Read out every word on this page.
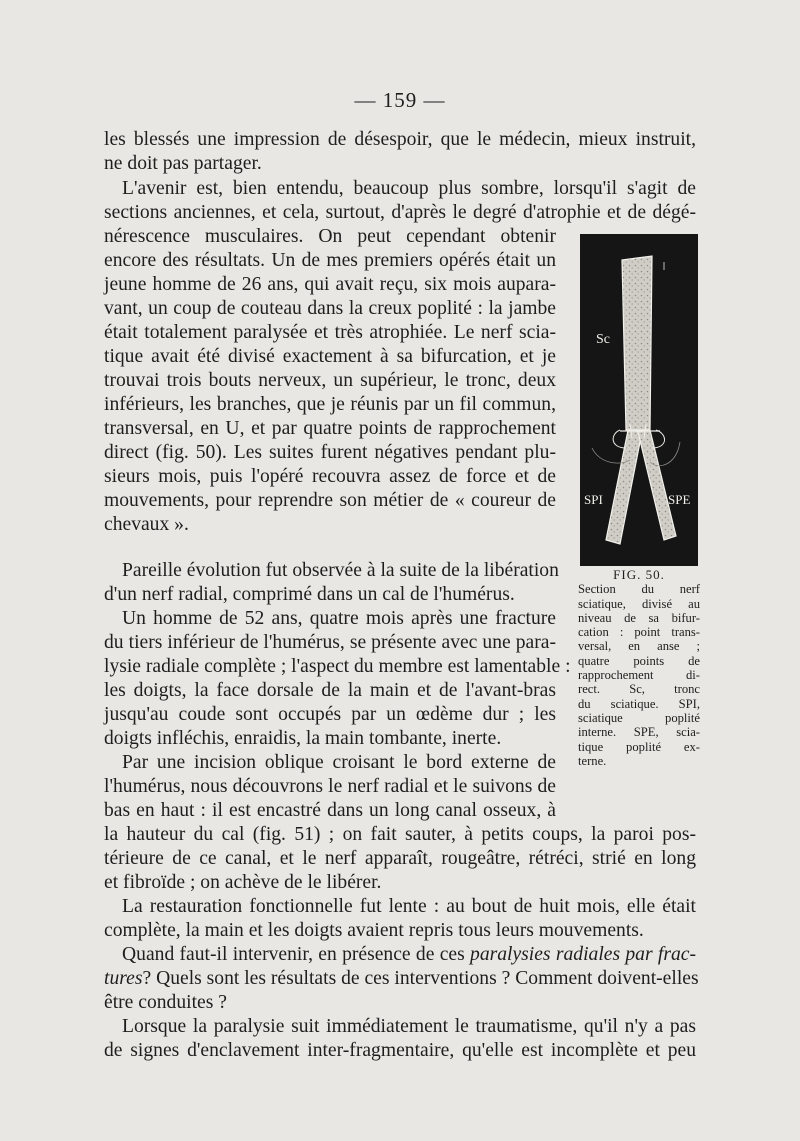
— 159 —
les blessés une impression de désespoir, que le médecin, mieux instruit,
ne doit pas partager.
L'avenir est, bien entendu, beaucoup plus sombre, lorsqu'il s'agit de
sections anciennes, et cela, surtout, d'après le degré d'atrophie et de dégé-
nérescence musculaires. On peut cependant obtenir
encore des résultats. Un de mes premiers opérés était un
jeune homme de 26 ans, qui avait reçu, six mois aupara-
vant, un coup de couteau dans la creux poplité : la jambe
était totalement paralysée et très atrophiée. Le nerf scia-
tique avait été divisé exactement à sa bifurcation, et je
trouvai trois bouts nerveux, un supérieur, le tronc, deux
inférieurs, les branches, que je réunis par un fil commun,
transversal, en U, et par quatre points de rapprochement
direct (fig. 50). Les suites furent négatives pendant plu-
sieurs mois, puis l'opéré recouvra assez de force et de
mouvements, pour reprendre son métier de « coureur de
chevaux ».
Pareille évolution fut observée à la suite de la libération
d'un nerf radial, comprimé dans un cal de l'humérus.
Un homme de 52 ans, quatre mois après une fracture
du tiers inférieur de l'humérus, se présente avec une para-
lysie radiale complète ; l'aspect du membre est lamentable :
les doigts, la face dorsale de la main et de l'avant-bras
jusqu'au coude sont occupés par un œdème dur ; les
doigts infléchis, enraidis, la main tombante, inerte.
Par une incision oblique croisant le bord externe de
l'humérus, nous découvrons le nerf radial et le suivons de
bas en haut : il est encastré dans un long canal osseux, à
la hauteur du cal (fig. 51) ; on fait sauter, à petits coups, la paroi pos-
térieure de ce canal, et le nerf apparaît, rougeâtre, rétréci, strié en long
et fibroïde ; on achève de le libérer.
La restauration fonctionnelle fut lente : au bout de huit mois, elle était
complète, la main et les doigts avaient repris tous leurs mouvements.
Quand faut-il intervenir, en présence de ces paralysies radiales par frac-
tures? Quels sont les résultats de ces interventions ? Comment doivent-elles
être conduites ?
Lorsque la paralysie suit immédiatement le traumatisme, qu'il n'y a pas
de signes d'enclavement inter-fragmentaire, qu'elle est incomplète et peu
Sc
SPI	SPE
FIG. 50.
Section du nerf
sciatique, divisé au
niveau de sa bifur-
cation : point trans-
versal, en anse ;
quatre points de
rapprochement di-
rect. Sc, tronc
du sciatique. SPI,
sciatique poplité
interne. SPE, scia-
tique poplité ex-
terne.
